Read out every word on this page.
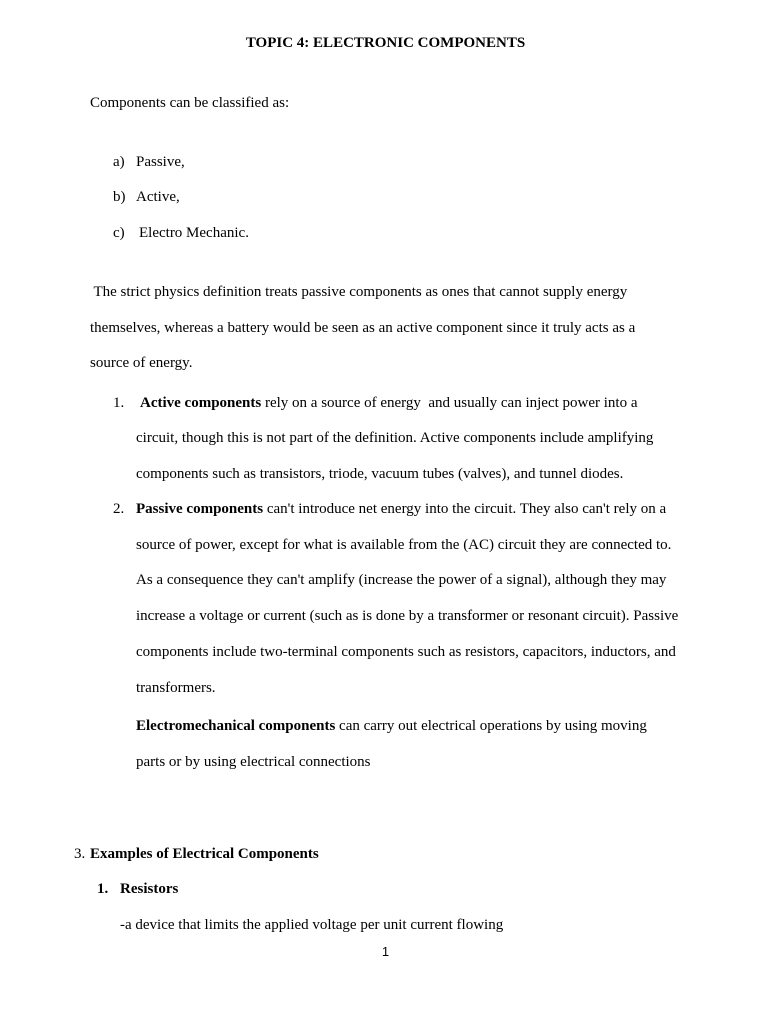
TOPIC 4: ELECTRONIC COMPONENTS
Components can be classified as:
a) Passive,
b) Active,
c) Electro Mechanic.
The strict physics definition treats passive components as ones that cannot supply energy
themselves, whereas a battery would be seen as an active component since it truly acts as a
source of energy.
1. Active components rely on a source of energy  and usually can inject power into a
circuit, though this is not part of the definition. Active components include amplifying
components such as transistors, triode, vacuum tubes (valves), and tunnel diodes.
2. Passive components can't introduce net energy into the circuit. They also can't rely on a
source of power, except for what is available from the (AC) circuit they are connected to.
As a consequence they can't amplify (increase the power of a signal), although they may
increase a voltage or current (such as is done by a transformer or resonant circuit). Passive
components include two-terminal components such as resistors, capacitors, inductors, and
transformers.
Electromechanical components can carry out electrical operations by using moving
parts or by using electrical connections
3. Examples of Electrical Components
1. Resistors
-a device that limits the applied voltage per unit current flowing
1
